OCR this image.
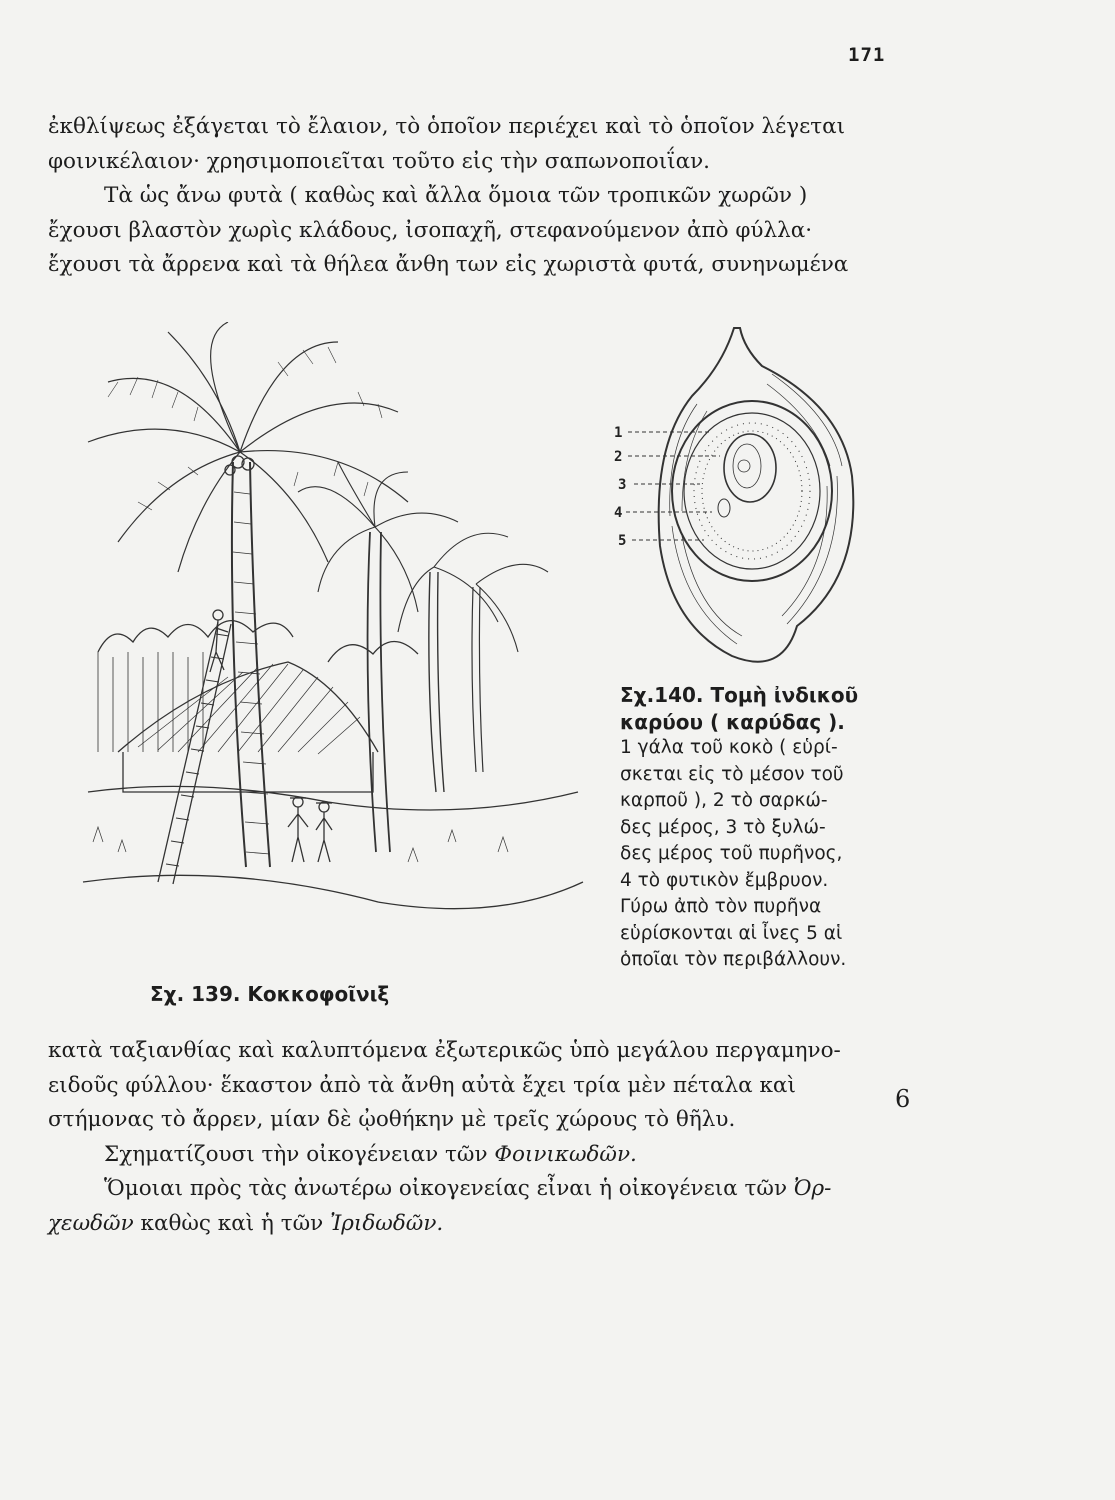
171
ἐκθλίψεως ἐξάγεται τὸ ἔλαιον, τὸ ὁποῖον περιέχει καὶ τὸ ὁποῖον λέγεται
φοινικέλαιον· χρησιμοποιεῖται τοῦτο εἰς τὴν σαπωνοποιΐαν.
Τὰ ὡς ἄνω φυτὰ ( καθὼς καὶ ἄλλα ὅμοια τῶν τροπικῶν χωρῶν )
ἔχουσι βλαστὸν χωρὶς κλάδους, ἰσοπαχῆ, στεφανούμενον ἀπὸ φύλλα·
ἔχουσι τὰ ἄρρενα καὶ τὰ θήλεα ἄνθη των εἰς χωριστὰ φυτά, συνηνωμένα
Σχ. 139. Κοκκοφοῖνιξ
1
2
3
4
5
Σχ.140. Τομὴ ἰνδικοῦ
καρύου ( καρύδας ).
1 γάλα τοῦ κοκὸ ( εὑρί-
σκεται εἰς τὸ μέσον τοῦ
καρποῦ ), 2 τὸ σαρκώ-
δες μέρος, 3 τὸ ξυλώ-
δες μέρος τοῦ πυρῆνος,
4 τὸ φυτικὸν ἔμβρυον.
Γύρω ἀπὸ τὸν πυρῆνα
εὑρίσκονται αἱ ἶνες 5 αἱ
ὁποῖαι τὸν περιβάλλουν.
κατὰ ταξιανθίας καὶ καλυπτόμενα ἐξωτερικῶς ὑπὸ μεγάλου περγαμηνο-
ειδοῦς φύλλου· ἕκαστον ἀπὸ τὰ ἄνθη αὐτὰ ἔχει τρία μὲν πέταλα καὶ	6
στήμονας τὸ ἄρρεν, μίαν δὲ ᾠοθήκην μὲ τρεῖς χώρους τὸ θῆλυ.
Σχηματίζουσι τὴν οἰκογένειαν τῶν Φοινικωδῶν.
Ὅμοιαι πρὸς τὰς ἀνωτέρω οἰκογενείας εἶναι ἡ οἰκογένεια τῶν Ὀρ-
χεωδῶν καθὼς καὶ ἡ τῶν Ἰριδωδῶν.
